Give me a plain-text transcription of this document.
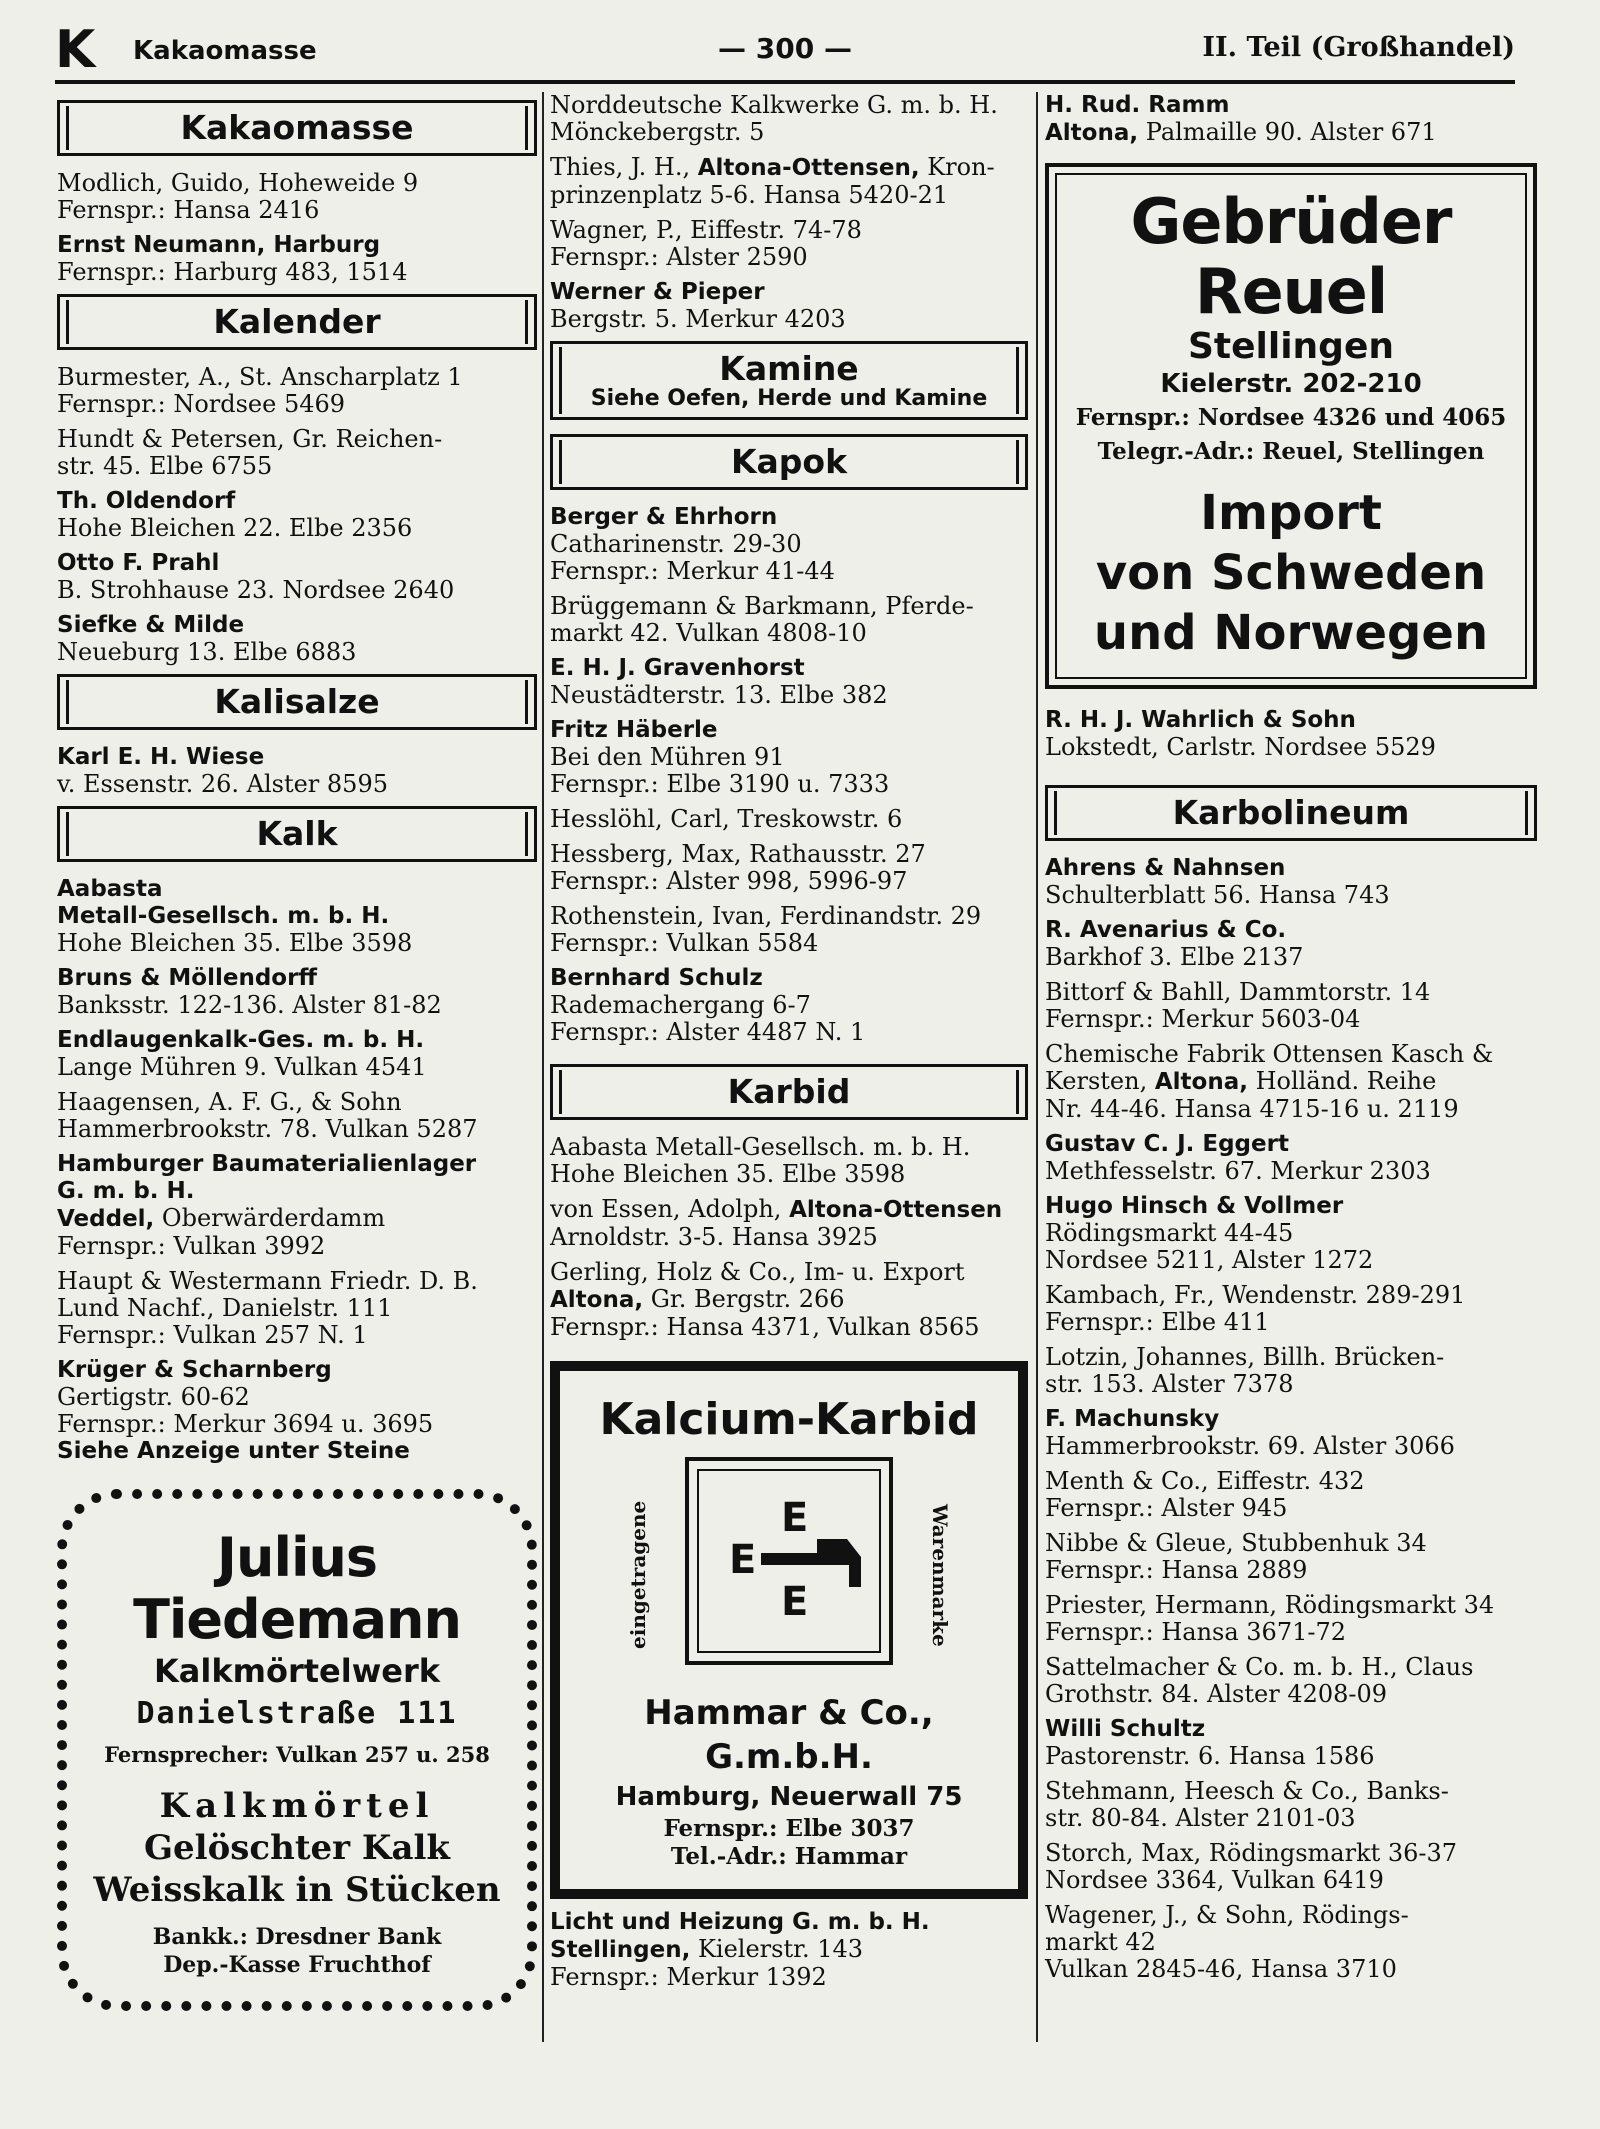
K Kakaomasse	— 300 —	II. Teil (Großhandel)
Kakaomasse
Modlich, Guido, Hoheweide 9
Fernspr.: Hansa 2416
Ernst Neumann, Harburg
Fernspr.: Harburg 483, 1514
Kalender
Burmester, A., St. Anscharplatz 1
Fernspr.: Nordsee 5469
Hundt & Petersen, Gr. Reichen-
str. 45. Elbe 6755
Th. Oldendorf
Hohe Bleichen 22. Elbe 2356
Otto F. Prahl
B. Strohhause 23. Nordsee 2640
Siefke & Milde
Neueburg 13. Elbe 6883
Kalisalze
Karl E. H. Wiese
v. Essenstr. 26. Alster 8595
Kalk
Aabasta
Metall-Gesellsch. m. b. H.
Hohe Bleichen 35. Elbe 3598
Bruns & Möllendorff
Banksstr. 122-136. Alster 81-82
Endlaugenkalk-Ges. m. b. H.
Lange Mühren 9. Vulkan 4541
Haagensen, A. F. G., & Sohn
Hammerbrookstr. 78. Vulkan 5287
Hamburger Baumaterialienlager
G. m. b. H.
Veddel, Oberwärderdamm
Fernspr.: Vulkan 3992
Haupt & Westermann Friedr. D. B.
Lund Nachf., Danielstr. 111
Fernspr.: Vulkan 257 N. 1
Krüger & Scharnberg
Gertigstr. 60-62
Fernspr.: Merkur 3694 u. 3695
Siehe Anzeige unter Steine
Julius Tiedemann
Kalkmörtelwerk
Danielstraße 111
Fernsprecher: Vulkan 257 u. 258
Kalkmörtel
Gelöschter Kalk
Weisskalk in Stücken
Bankk.: Dresdner Bank
Dep.-Kasse Fruchthof
Norddeutsche Kalkwerke G. m. b. H.
Mönckebergstr. 5
Thies, J. H., Altona-Ottensen, Kron-
prinzenplatz 5-6. Hansa 5420-21
Wagner, P., Eiffestr. 74-78
Fernspr.: Alster 2590
Werner & Pieper
Bergstr. 5. Merkur 4203
Kamine
Siehe Oefen, Herde und Kamine
Kapok
Berger & Ehrhorn
Catharinenstr. 29-30
Fernspr.: Merkur 41-44
Brüggemann & Barkmann, Pferde-
markt 42. Vulkan 4808-10
E. H. J. Gravenhorst
Neustädterstr. 13. Elbe 382
Fritz Häberle
Bei den Mühren 91
Fernspr.: Elbe 3190 u. 7333
Hesslöhl, Carl, Treskowstr. 6
Hessberg, Max, Rathausstr. 27
Fernspr.: Alster 998, 5996-97
Rothenstein, Ivan, Ferdinandstr. 29
Fernspr.: Vulkan 5584
Bernhard Schulz
Rademachergang 6-7
Fernspr.: Alster 4487 N. 1
Karbid
Aabasta Metall-Gesellsch. m. b. H.
Hohe Bleichen 35. Elbe 3598
von Essen, Adolph, Altona-Ottensen
Arnoldstr. 3-5. Hansa 3925
Gerling, Holz & Co., Im- u. Export
Altona, Gr. Bergstr. 266
Fernspr.: Hansa 4371, Vulkan 8565
Kalcium-Karbid
eingetragene	E
E
E	Warenmarke
Hammar & Co., G.m.b.H.
Hamburg, Neuerwall 75
Fernspr.: Elbe 3037
Tel.-Adr.: Hammar
Licht und Heizung G. m. b. H.
Stellingen, Kielerstr. 143
Fernspr.: Merkur 1392
H. Rud. Ramm
Altona, Palmaille 90. Alster 671
Gebrüder Reuel
Stellingen
Kielerstr. 202-210
Fernspr.: Nordsee 4326 und 4065
Telegr.-Adr.: Reuel, Stellingen
Import
von Schweden
und Norwegen
R. H. J. Wahrlich & Sohn
Lokstedt, Carlstr. Nordsee 5529
Karbolineum
Ahrens & Nahnsen
Schulterblatt 56. Hansa 743
R. Avenarius & Co.
Barkhof 3. Elbe 2137
Bittorf & Bahll, Dammtorstr. 14
Fernspr.: Merkur 5603-04
Chemische Fabrik Ottensen Kasch &
Kersten, Altona, Holländ. Reihe
Nr. 44-46. Hansa 4715-16 u. 2119
Gustav C. J. Eggert
Methfesselstr. 67. Merkur 2303
Hugo Hinsch & Vollmer
Rödingsmarkt 44-45
Nordsee 5211, Alster 1272
Kambach, Fr., Wendenstr. 289-291
Fernspr.: Elbe 411
Lotzin, Johannes, Billh. Brücken-
str. 153. Alster 7378
F. Machunsky
Hammerbrookstr. 69. Alster 3066
Menth & Co., Eiffestr. 432
Fernspr.: Alster 945
Nibbe & Gleue, Stubbenhuk 34
Fernspr.: Hansa 2889
Priester, Hermann, Rödingsmarkt 34
Fernspr.: Hansa 3671-72
Sattelmacher & Co. m. b. H., Claus
Grothstr. 84. Alster 4208-09
Willi Schultz
Pastorenstr. 6. Hansa 1586
Stehmann, Heesch & Co., Banks-
str. 80-84. Alster 2101-03
Storch, Max, Rödingsmarkt 36-37
Nordsee 3364, Vulkan 6419
Wagener, J., & Sohn, Rödings-
markt 42
Vulkan 2845-46, Hansa 3710
